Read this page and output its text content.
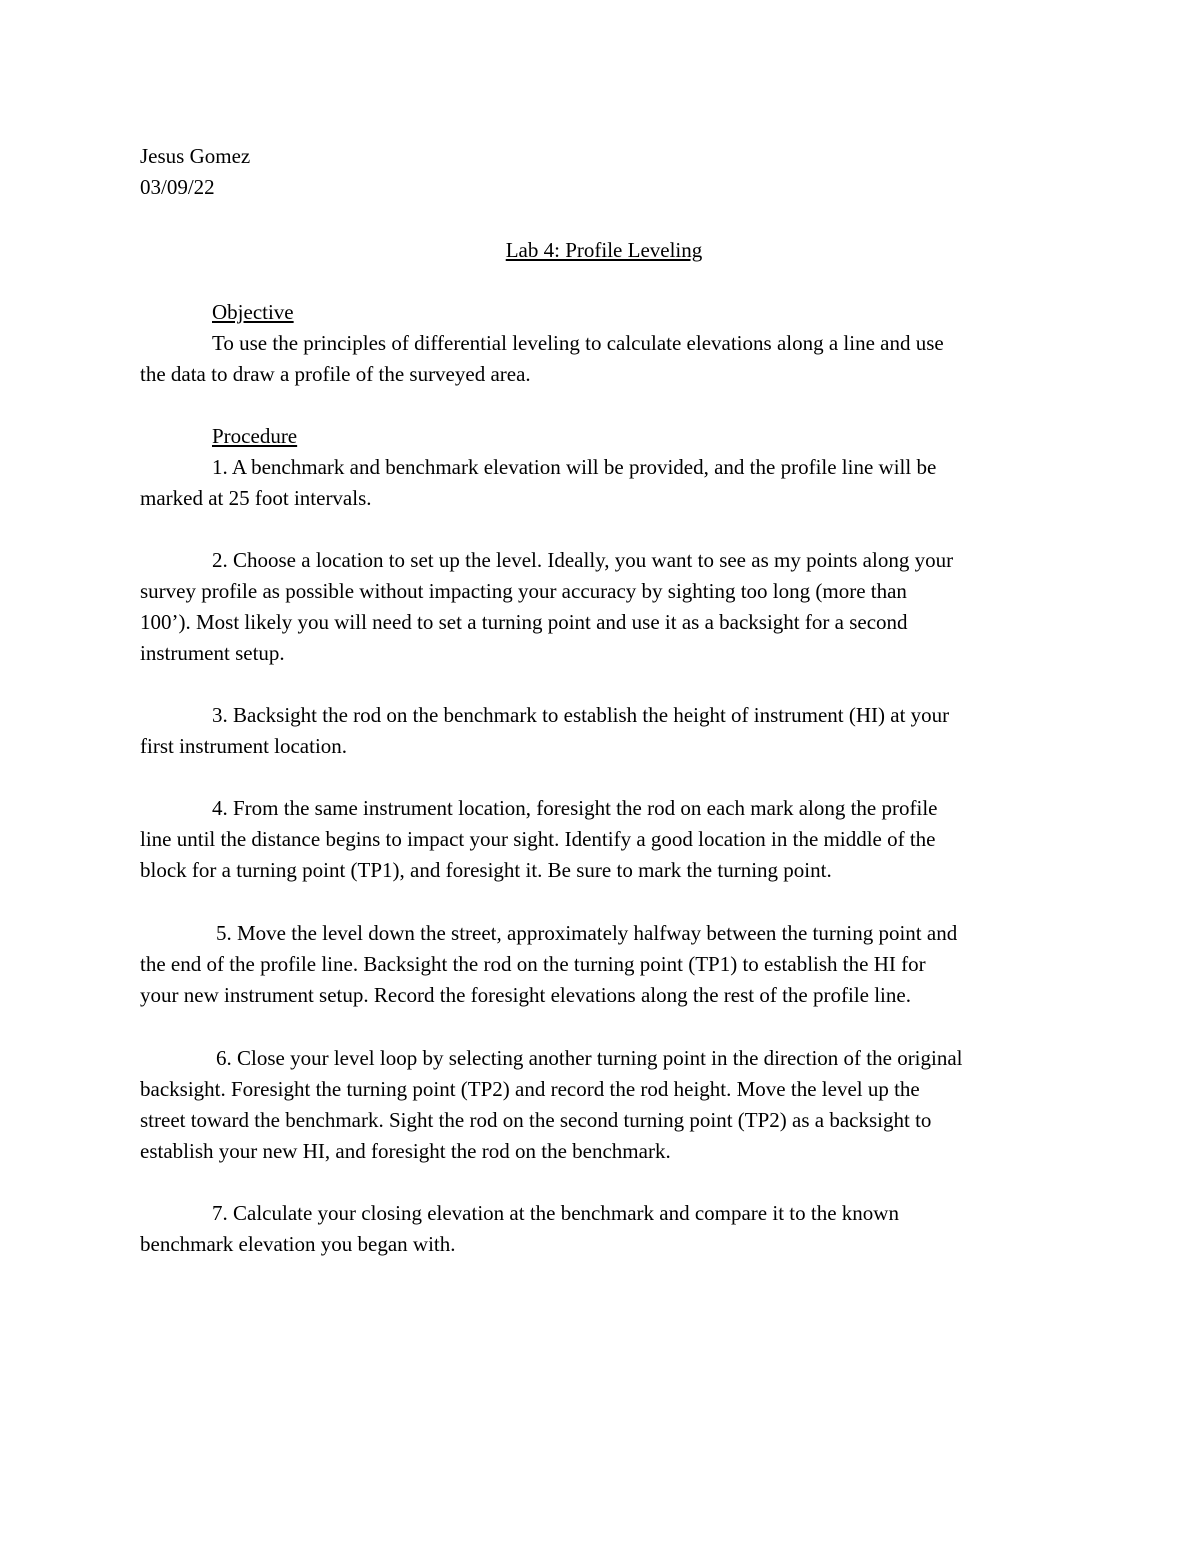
Jesus Gomez
03/09/22
Lab 4: Profile Leveling
Objective
To use the principles of differential leveling to calculate elevations along a line and use
the data to draw a profile of the surveyed area.
Procedure
1. A benchmark and benchmark elevation will be provided, and the profile line will be
marked at 25 foot intervals.
2. Choose a location to set up the level. Ideally, you want to see as my points along your
survey profile as possible without impacting your accuracy by sighting too long (more than
100’). Most likely you will need to set a turning point and use it as a backsight for a second
instrument setup.
3. Backsight the rod on the benchmark to establish the height of instrument (HI) at your
first instrument location.
4. From the same instrument location, foresight the rod on each mark along the profile
line until the distance begins to impact your sight. Identify a good location in the middle of the
block for a turning point (TP1), and foresight it. Be sure to mark the turning point.
5. Move the level down the street, approximately halfway between the turning point and
the end of the profile line. Backsight the rod on the turning point (TP1) to establish the HI for
your new instrument setup. Record the foresight elevations along the rest of the profile line.
6. Close your level loop by selecting another turning point in the direction of the original
backsight. Foresight the turning point (TP2) and record the rod height. Move the level up the
street toward the benchmark. Sight the rod on the second turning point (TP2) as a backsight to
establish your new HI, and foresight the rod on the benchmark.
7. Calculate your closing elevation at the benchmark and compare it to the known
benchmark elevation you began with.
